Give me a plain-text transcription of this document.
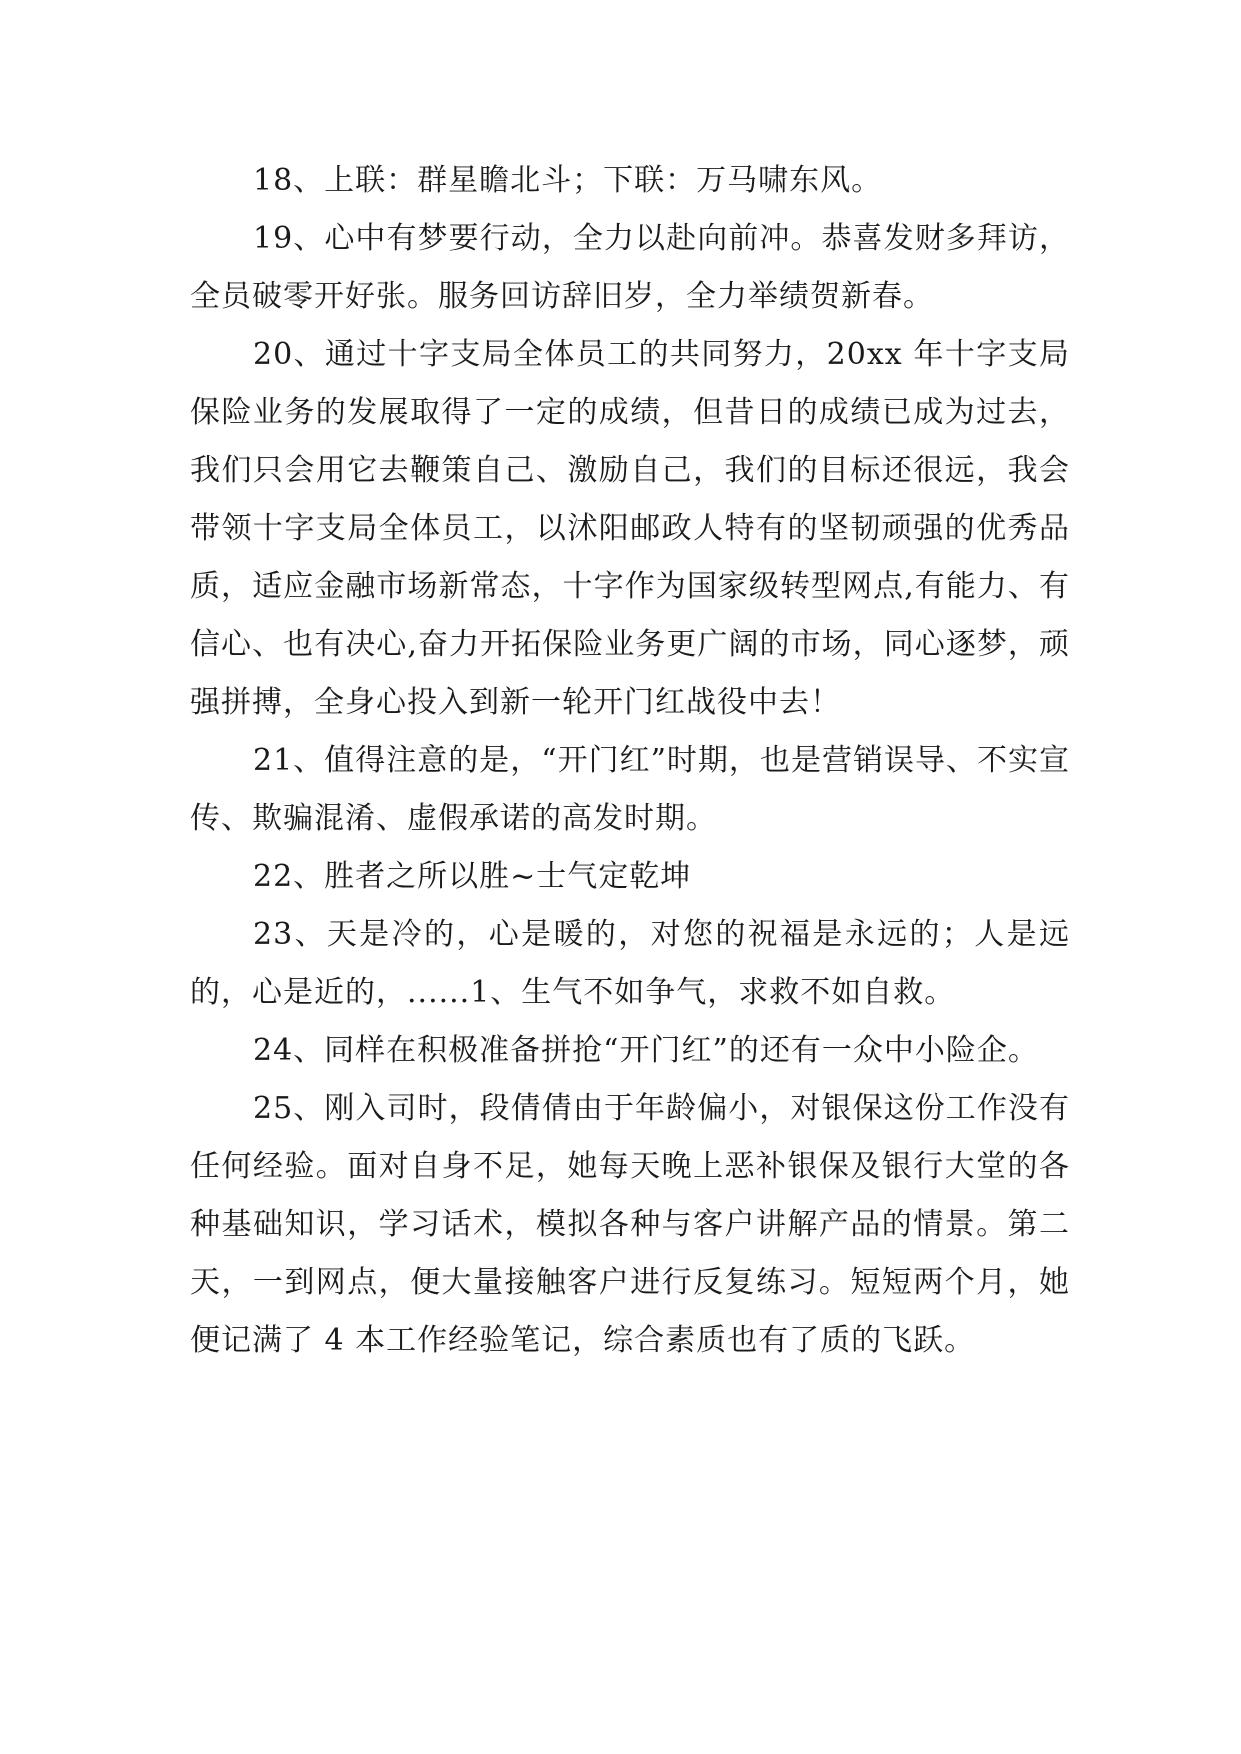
18、上联：群星瞻北斗；下联：万马啸东风。

19、心中有梦要行动，全力以赴向前冲。恭喜发财多拜访，全员破零开好张。服务回访辞旧岁，全力举绩贺新春。

20、通过十字支局全体员工的共同努力，20xx 年十字支局保险业务的发展取得了一定的成绩，但昔日的成绩已成为过去，我们只会用它去鞭策自己、激励自己，我们的目标还很远，我会带领十字支局全体员工，以沭阳邮政人特有的坚韧顽强的优秀品质，适应金融市场新常态，十字作为国家级转型网点,有能力、有信心、也有决心,奋力开拓保险业务更广阔的市场，同心逐梦，顽强拼搏，全身心投入到新一轮开门红战役中去！

21、值得注意的是，“开门红”时期，也是营销误导、不实宣传、欺骗混淆、虚假承诺的高发时期。

22、胜者之所以胜~士气定乾坤

23、天是冷的，心是暖的，对您的祝福是永远的；人是远的，心是近的，......1、生气不如争气，求救不如自救。

24、同样在积极准备拼抢“开门红”的还有一众中小险企。

25、刚入司时，段倩倩由于年龄偏小，对银保这份工作没有任何经验。面对自身不足，她每天晚上恶补银保及银行大堂的各种基础知识，学习话术，模拟各种与客户讲解产品的情景。第二天，一到网点，便大量接触客户进行反复练习。短短两个月，她便记满了 4 本工作经验笔记，综合素质也有了质的飞跃。
